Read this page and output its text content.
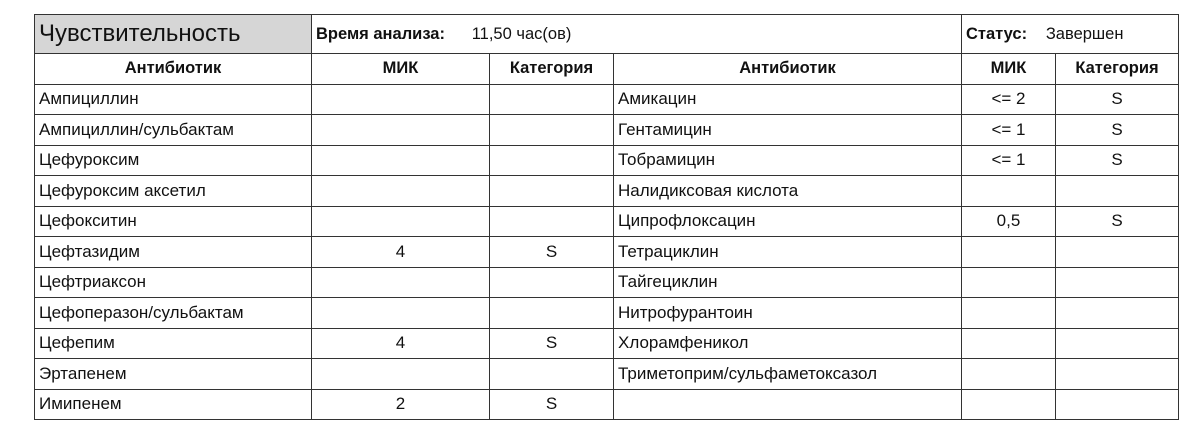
Чувствительность	Время анализа: 11,50 час(ов)			Статус: Завершен	
Антибиотик	МИК	Категория	Антибиотик	МИК	Категория
Ампициллин			Амикацин	<= 2	S
Ампициллин/сульбактам			Гентамицин	<= 1	S
Цефуроксим			Тобрамицин	<= 1	S
Цефуроксим аксетил			Налидиксовая кислота		
Цефокситин			Ципрофлоксацин	0,5	S
Цефтазидим	4	S	Тетрациклин		
Цефтриаксон			Тайгециклин		
Цефоперазон/сульбактам			Нитрофурантоин		
Цефепим	4	S	Хлорамфеникол		
Эртапенем			Триметоприм/сульфаметоксазол		
Имипенем	2	S			
